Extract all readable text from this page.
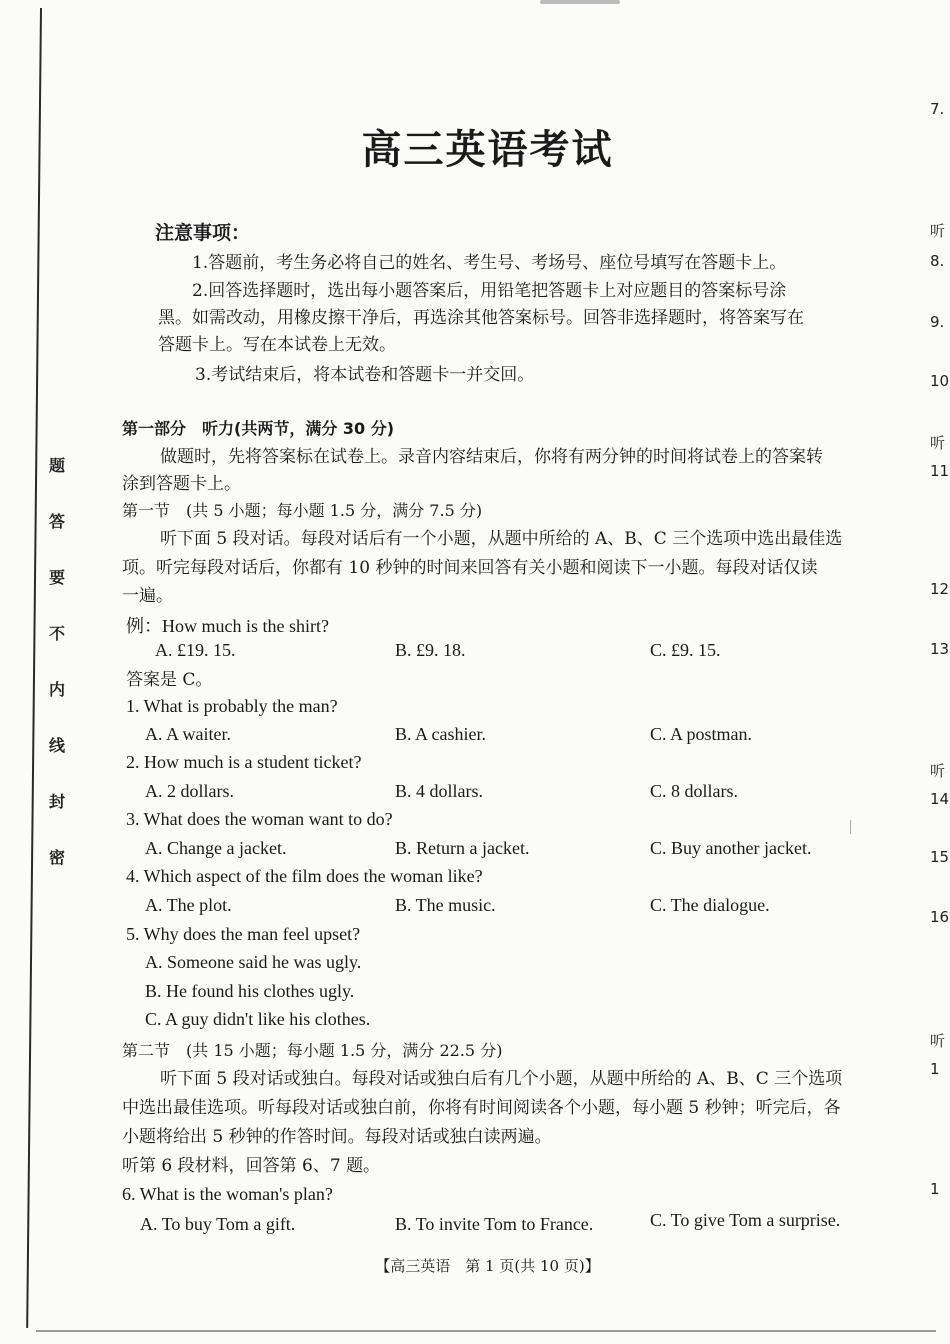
题
答
要
不
内
线
封
密
高三英语考试
注意事项：
1.答题前，考生务必将自己的姓名、考生号、考场号、座位号填写在答题卡上。
2.回答选择题时，选出每小题答案后，用铅笔把答题卡上对应题目的答案标号涂
黑。如需改动，用橡皮擦干净后，再选涂其他答案标号。回答非选择题时，将答案写在
答题卡上。写在本试卷上无效。
3.考试结束后，将本试卷和答题卡一并交回。
第一部分　听力(共两节，满分 30 分)
做题时，先将答案标在试卷上。录音内容结束后，你将有两分钟的时间将试卷上的答案转
涂到答题卡上。
第一节　(共 5 小题；每小题 1.5 分，满分 7.5 分)
听下面 5 段对话。每段对话后有一个小题，从题中所给的 A、B、C 三个选项中选出最佳选
项。听完每段对话后，你都有 10 秒钟的时间来回答有关小题和阅读下一小题。每段对话仅读
一遍。
例：How much is the shirt?
A. £19. 15.	B. £9. 18.	C. £9. 15.
答案是 C。
1. What is probably the man?
A. A waiter.	B. A cashier.	C. A postman.
2. How much is a student ticket?
A. 2 dollars.	B. 4 dollars.	C. 8 dollars.
3. What does the woman want to do?
A. Change a jacket.	B. Return a jacket.	C. Buy another jacket.
4. Which aspect of the film does the woman like?
A. The plot.	B. The music.	C. The dialogue.
5. Why does the man feel upset?
A. Someone said he was ugly.
B. He found his clothes ugly.
C. A guy didn't like his clothes.
第二节　(共 15 小题；每小题 1.5 分，满分 22.5 分)
听下面 5 段对话或独白。每段对话或独白后有几个小题，从题中所给的 A、B、C 三个选项
中选出最佳选项。听每段对话或独白前，你将有时间阅读各个小题，每小题 5 秒钟；听完后，各
小题将给出 5 秒钟的作答时间。每段对话或独白读两遍。
听第 6 段材料，回答第 6、7 题。
6. What is the woman's plan?
A. To buy Tom a gift.	B. To invite Tom to France.	C. To give Tom a surprise.
【高三英语　第 1 页(共 10 页)】
7.
听
8.
9.
10
听
11
12
13
听
14
15
16
听
1
1
